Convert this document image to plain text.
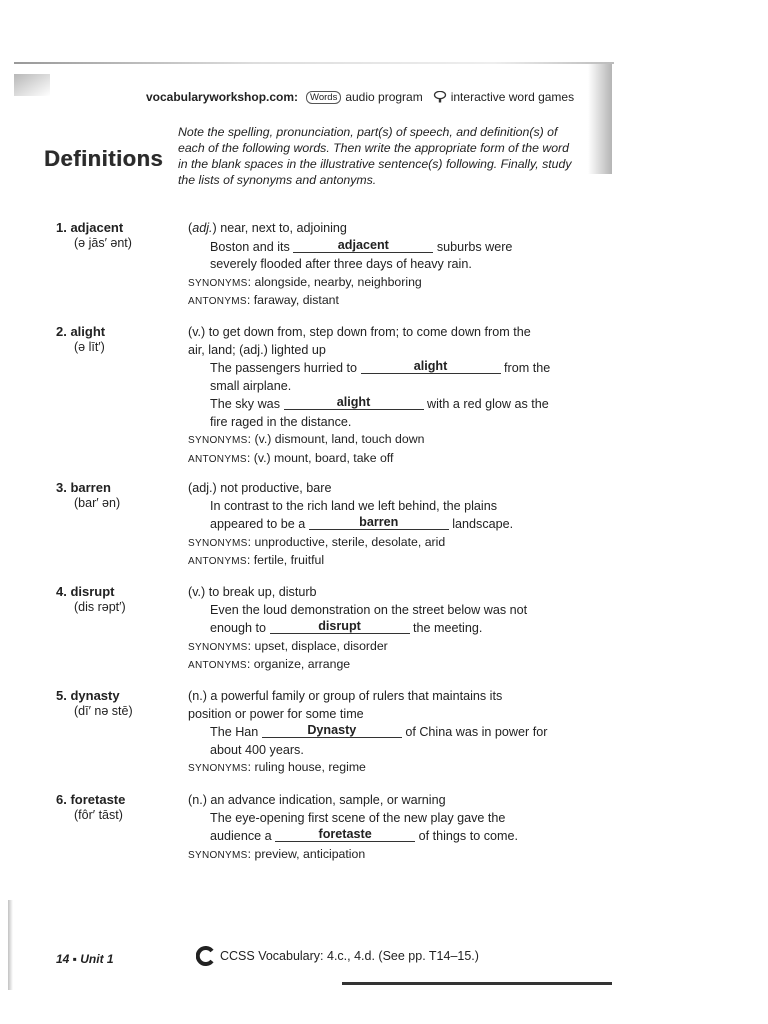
vocabularyworkshop.com:	Words audio program interactive word games
Definitions
Note the spelling, pronunciation, part(s) of speech, and definition(s) of each of the following words. Then write the appropriate form of the word in the blank spaces in the illustrative sentence(s) following. Finally, study the lists of synonyms and antonyms.
1. adjacent
(ə jās′ ənt)
(adj.) near, next to, adjoining
Boston and its	adjacent	suburbs were
severely flooded after three days of heavy rain.
SYNONYMS: alongside, nearby, neighboring
ANTONYMS: faraway, distant
2. alight
(ə līt′)
(v.) to get down from, step down from; to come down from the
air, land; (adj.) lighted up
The passengers hurried to	alight	from the
small airplane.
The sky was	alight	with a red glow as the
fire raged in the distance.
SYNONYMS: (v.) dismount, land, touch down
ANTONYMS: (v.) mount, board, take off
3. barren
(bar′ ən)
(adj.) not productive, bare
In contrast to the rich land we left behind, the plains
appeared to be a	barren	landscape.
SYNONYMS: unproductive, sterile, desolate, arid
ANTONYMS: fertile, fruitful
4. disrupt
(dis rəpt′)
(v.) to break up, disturb
Even the loud demonstration on the street below was not
enough to	disrupt	the meeting.
SYNONYMS: upset, displace, disorder
ANTONYMS: organize, arrange
5. dynasty
(dī′ nə stē)
(n.) a powerful family or group of rulers that maintains its
position or power for some time
The Han	Dynasty	of China was in power for
about 400 years.
SYNONYMS: ruling house, regime
6. foretaste
(fôr′ tāst)
(n.) an advance indication, sample, or warning
The eye-opening first scene of the new play gave the
audience a	foretaste	of things to come.
SYNONYMS: preview, anticipation
14 ▪ Unit 1	CCSS Vocabulary: 4.c., 4.d. (See pp. T14–15.)
